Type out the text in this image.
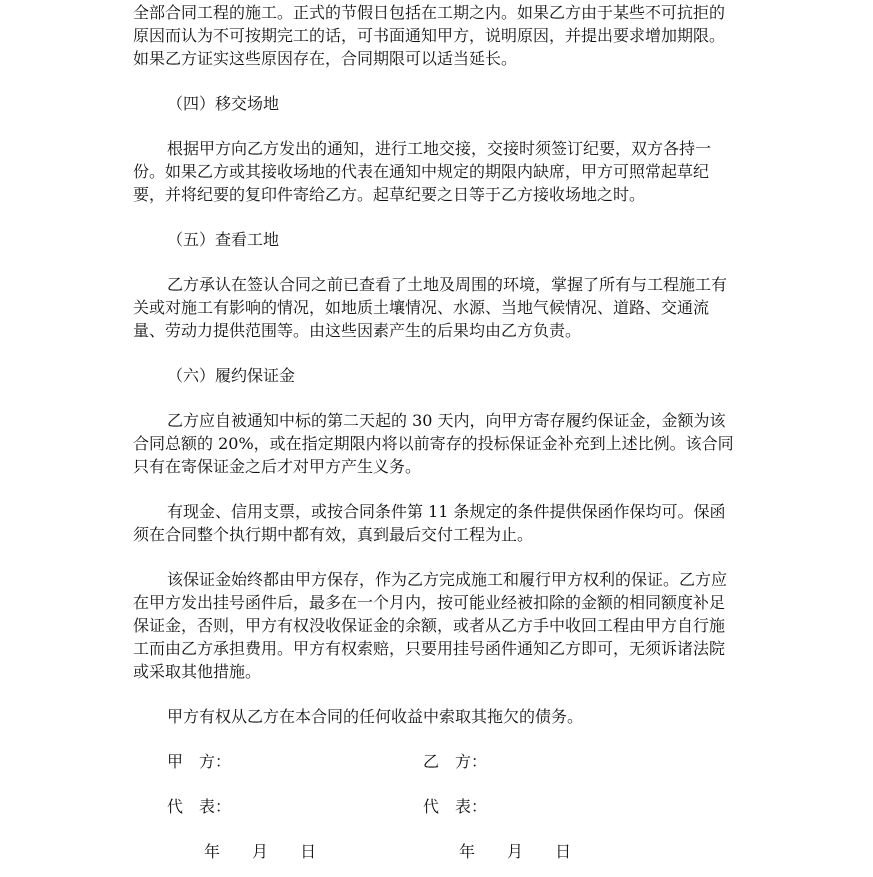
全部合同工程的施工。正式的节假日包括在工期之内。如果乙方由于某些不可抗拒的原因而认为不可按期完工的话，可书面通知甲方，说明原因，并提出要求增加期限。如果乙方证实这些原因存在，合同期限可以适当延长。

（四）移交场地

根据甲方向乙方发出的通知，进行工地交接，交接时须签订纪要，双方各持一份。如果乙方或其接收场地的代表在通知中规定的期限内缺席，甲方可照常起草纪要，并将纪要的复印件寄给乙方。起草纪要之日等于乙方接收场地之时。

（五）查看工地

乙方承认在签认合同之前已查看了土地及周围的环境，掌握了所有与工程施工有关或对施工有影响的情况，如地质土壤情况、水源、当地气候情况、道路、交通流量、劳动力提供范围等。由这些因素产生的后果均由乙方负责。

（六）履约保证金

乙方应自被通知中标的第二天起的 30 天内，向甲方寄存履约保证金，金额为该合同总额的 20%，或在指定期限内将以前寄存的投标保证金补充到上述比例。该合同只有在寄保证金之后才对甲方产生义务。

有现金、信用支票，或按合同条件第 11 条规定的条件提供保函作保均可。保函须在合同整个执行期中都有效，真到最后交付工程为止。

该保证金始终都由甲方保存，作为乙方完成施工和履行甲方权利的保证。乙方应在甲方发出挂号函件后，最多在一个月内，按可能业经被扣除的金额的相同额度补足保证金，否则，甲方有权没收保证金的余额，或者从乙方手中收回工程由甲方自行施工而由乙方承担费用。甲方有权索赔，只要用挂号函件通知乙方即可，无须诉诸法院或采取其他措施。

甲方有权从乙方在本合同的任何收益中索取其拖欠的债务。

甲　方：	乙　方：
代　表：	代　表：
年　　 月　　 日	年　　 月　　 日
